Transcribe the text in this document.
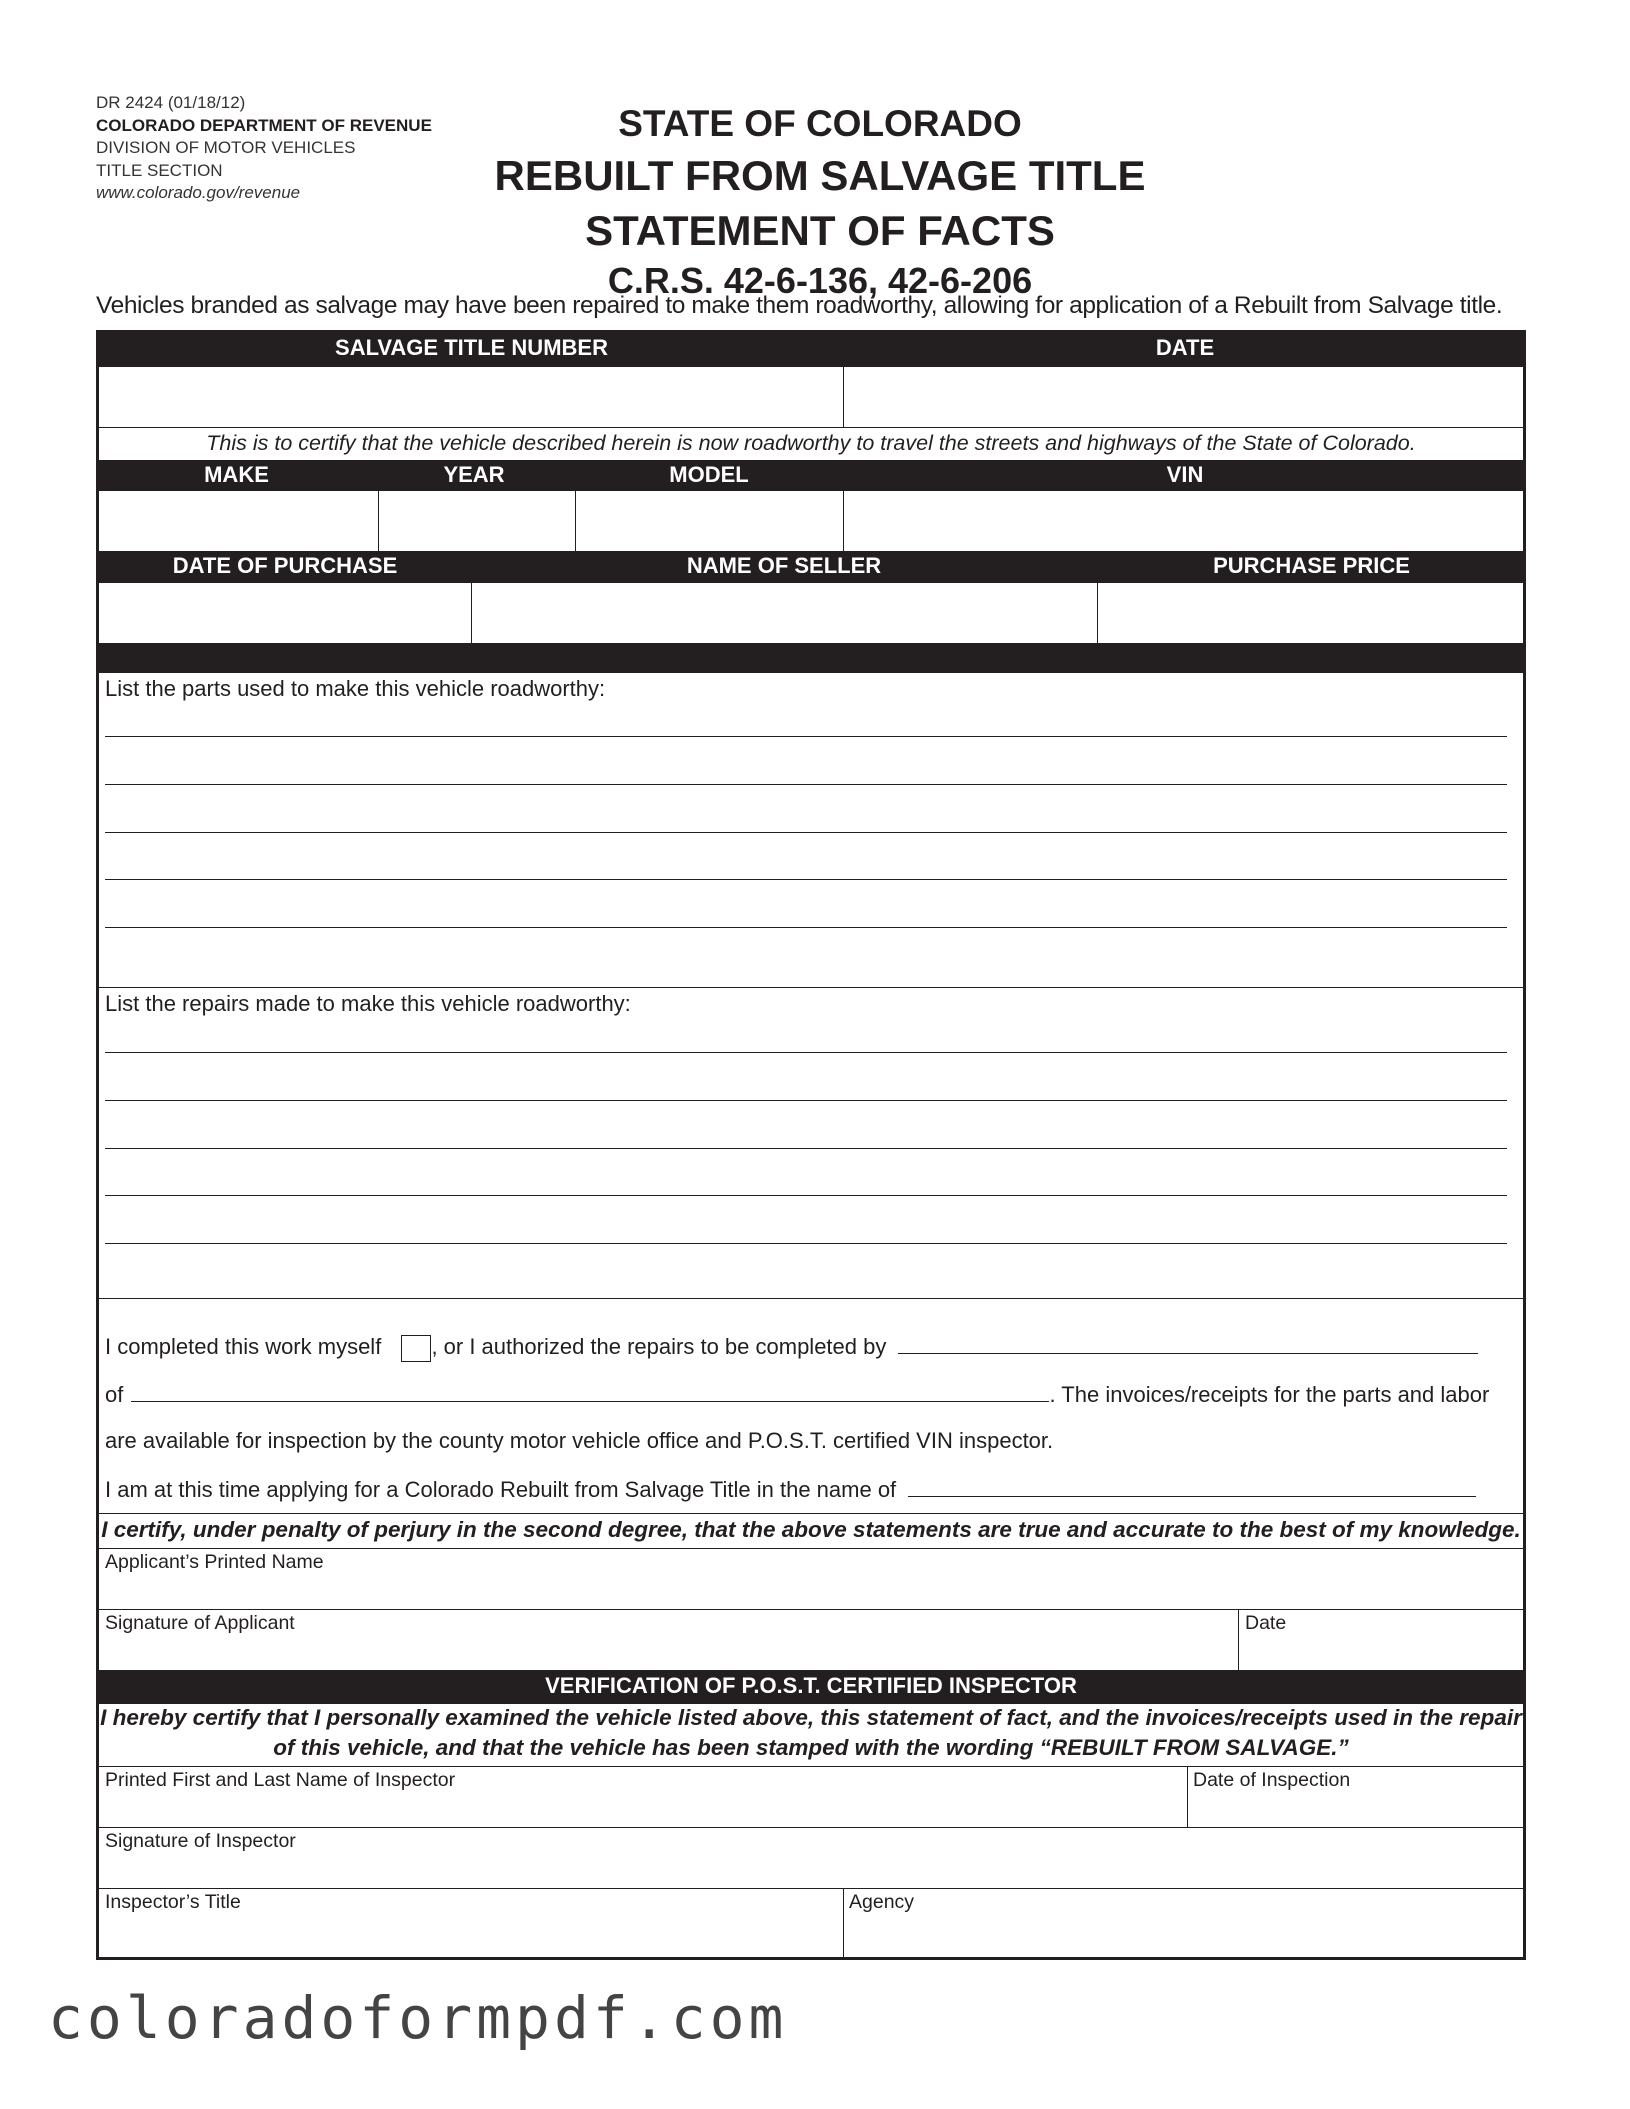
DR 2424 (01/18/12)
COLORADO DEPARTMENT OF REVENUE
DIVISION OF MOTOR VEHICLES
TITLE SECTION
www.colorado.gov/revenue
STATE OF COLORADO
REBUILT FROM SALVAGE TITLE
STATEMENT OF FACTS
C.R.S. 42-6-136, 42-6-206
Vehicles branded as salvage may have been repaired to make them roadworthy, allowing for application of a Rebuilt from Salvage title.
SALVAGE TITLE NUMBER	DATE
This is to certify that the vehicle described herein is now roadworthy to travel the streets and highways of the State of Colorado.
MAKE	YEAR	MODEL	VIN
DATE OF PURCHASE	NAME OF SELLER	PURCHASE PRICE
List the parts used to make this vehicle roadworthy:
List the repairs made to make this vehicle roadworthy:
I completed this work myself , or I authorized the repairs to be completed by
of	. The invoices/receipts for the parts and labor
are available for inspection by the county motor vehicle office and P.O.S.T. certified VIN inspector.
I am at this time applying for a Colorado Rebuilt from Salvage Title in the name of
I certify, under penalty of perjury in the second degree, that the above statements are true and accurate to the best of my knowledge.
Applicant’s Printed Name
Signature of Applicant	Date
VERIFICATION OF P.O.S.T. CERTIFIED INSPECTOR
I hereby certify that I personally examined the vehicle listed above, this statement of fact, and the invoices/receipts used in the repair
of this vehicle, and that the vehicle has been stamped with the wording “REBUILT FROM SALVAGE.”
Printed First and Last Name of Inspector	Date of Inspection
Signature of Inspector
Inspector’s Title	Agency
coloradoformpdf.com
